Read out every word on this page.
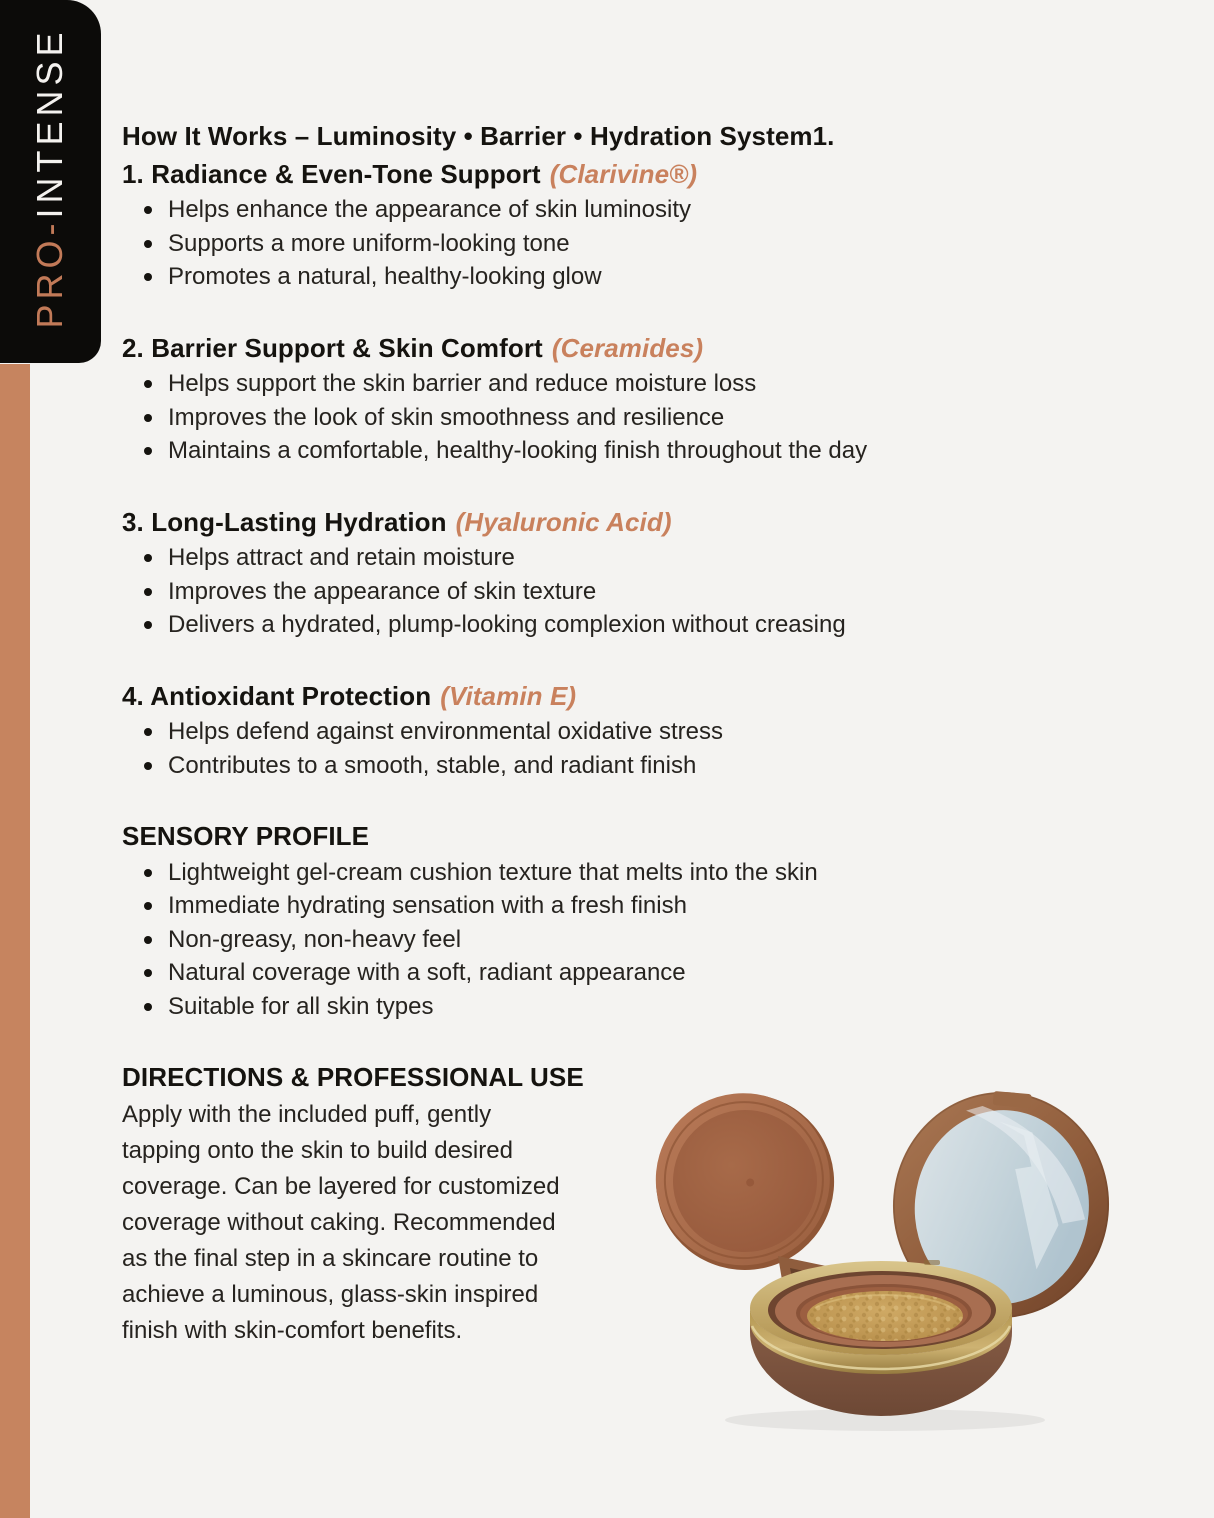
PRO-INTENSE How It Works – Luminosity • Barrier • Hydration System1.
1. Radiance & Even-Tone Support (Clarivine®)
Helps enhance the appearance of skin luminosity
Supports a more uniform-looking tone
Promotes a natural, healthy-looking glow
2. Barrier Support & Skin Comfort (Ceramides)
Helps support the skin barrier and reduce moisture loss
Improves the look of skin smoothness and resilience
Maintains a comfortable, healthy-looking finish throughout the day
3. Long-Lasting Hydration (Hyaluronic Acid)
Helps attract and retain moisture
Improves the appearance of skin texture
Delivers a hydrated, plump-looking complexion without creasing
4. Antioxidant Protection (Vitamin E)
Helps defend against environmental oxidative stress
Contributes to a smooth, stable, and radiant finish
SENSORY PROFILE
Lightweight gel-cream cushion texture that melts into the skin
Immediate hydrating sensation with a fresh finish
Non-greasy, non-heavy feel
Natural coverage with a soft, radiant appearance
Suitable for all skin types
DIRECTIONS & PROFESSIONAL USE
Apply with the included puff, gently
tapping onto the skin to build desired
coverage. Can be layered for customized
coverage without caking. Recommended
as the final step in a skincare routine to
achieve a luminous, glass-skin inspired
finish with skin-comfort benefits.
